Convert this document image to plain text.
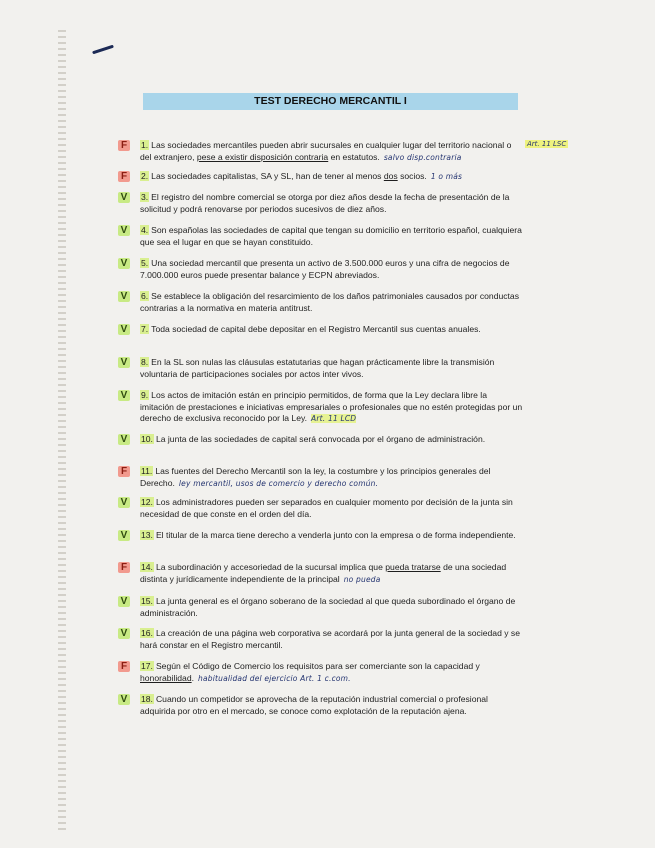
TEST DERECHO MERCANTIL I
Art. 11 LSC
F	1. Las sociedades mercantiles pueden abrir sucursales en cualquier lugar del territorio nacional o del extranjero, pese a existir disposición contraria en estatutos. salvo disp.contraria
F	2. Las sociedades capitalistas, SA y SL, han de tener al menos dos socios. 1 o más
V	3. El registro del nombre comercial se otorga por diez años desde la fecha de presentación de la solicitud y podrá renovarse por periodos sucesivos de diez años.
V	4. Son españolas las sociedades de capital que tengan su domicilio en territorio español, cualquiera que sea el lugar en que se hayan constituido.
V	5. Una sociedad mercantil que presenta un activo de 3.500.000 euros y una cifra de negocios de 7.000.000 euros puede presentar balance y ECPN abreviados.
V	6. Se establece la obligación del resarcimiento de los daños patrimoniales causados por conductas contrarias a la normativa en materia antitrust.
V	7. Toda sociedad de capital debe depositar en el Registro Mercantil sus cuentas anuales.
V	8. En la SL son nulas las cláusulas estatutarias que hagan prácticamente libre la transmisión voluntaria de participaciones sociales por actos inter vivos.
V	9. Los actos de imitación están en principio permitidos, de forma que la Ley declara libre la imitación de prestaciones e iniciativas empresariales o profesionales que no estén protegidas por un derecho de exclusiva reconocido por la Ley. Art. 11 LCD
V	10. La junta de las sociedades de capital será convocada por el órgano de administración.
F	11. Las fuentes del Derecho Mercantil son la ley, la costumbre y los principios generales del Derecho. ley mercantil, usos de comercio y derecho común.
V	12. Los administradores pueden ser separados en cualquier momento por decisión de la junta sin necesidad de que conste en el orden del día.
V	13. El titular de la marca tiene derecho a venderla junto con la empresa o de forma independiente.
F	14. La subordinación y accesoriedad de la sucursal implica que pueda tratarse de una sociedad distinta y jurídicamente independiente de la principal no pueda
V	15. La junta general es el órgano soberano de la sociedad al que queda subordinado el órgano de administración.
V	16. La creación de una página web corporativa se acordará por la junta general de la sociedad y se hará constar en el Registro mercantil.
F	17. Según el Código de Comercio los requisitos para ser comerciante son la capacidad y honorabilidad. habitualidad del ejercicio Art. 1 c.com.
V	18. Cuando un competidor se aprovecha de la reputación industrial comercial o profesional adquirida por otro en el mercado, se conoce como explotación de la reputación ajena.
